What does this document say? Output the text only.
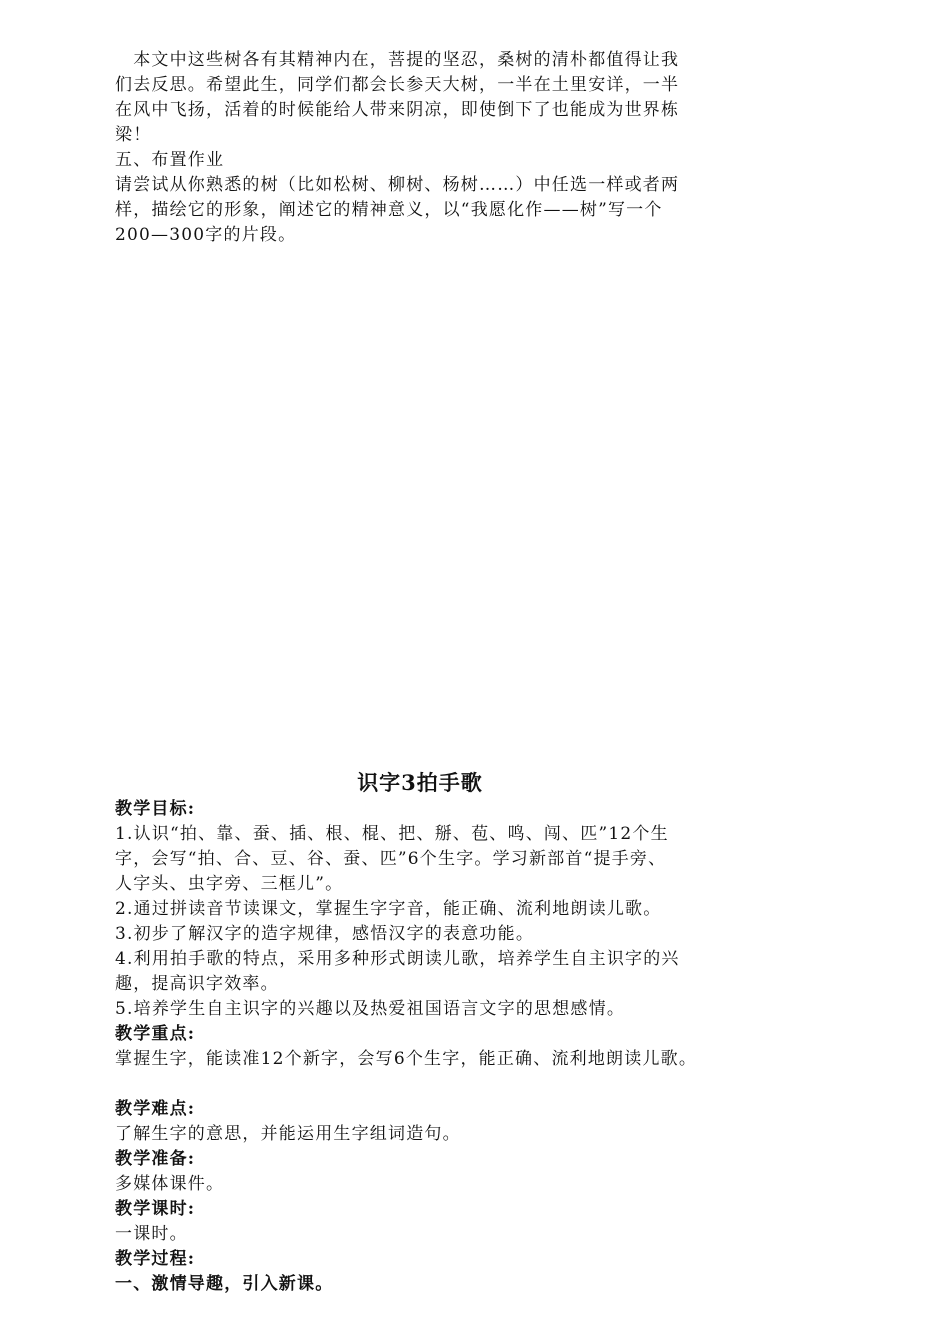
　本文中这些树各有其精神内在，菩提的坚忍，桑树的清朴都值得让我
们去反思。希望此生，同学们都会长参天大树，一半在土里安详，一半
在风中飞扬，活着的时候能给人带来阴凉，即使倒下了也能成为世界栋
梁！
五、布置作业
请尝试从你熟悉的树（比如松树、柳树、杨树……）中任选一样或者两
样，描绘它的形象，阐述它的精神意义，以“我愿化作——树”写一个
200—300字的片段。
识字3拍手歌
教学目标:
1.认识“拍、靠、蚕、插、根、棍、把、掰、苞、鸣、闯、匹”12个生
字，会写“拍、合、豆、谷、蚕、匹”6个生字。学习新部首“提手旁、
人字头、虫字旁、三框儿”。
2.通过拼读音节读课文，掌握生字字音，能正确、流利地朗读儿歌。
3.初步了解汉字的造字规律，感悟汉字的表意功能。
4.利用拍手歌的特点，采用多种形式朗读儿歌，培养学生自主识字的兴
趣，提高识字效率。
5.培养学生自主识字的兴趣以及热爱祖国语言文字的思想感情。
教学重点:
掌握生字，能读准12个新字，会写6个生字，能正确、流利地朗读儿歌。
教学难点:
了解生字的意思，并能运用生字组词造句。
教学准备:
多媒体课件。
教学课时:
一课时。
教学过程:
一、激情导趣，引入新课。
